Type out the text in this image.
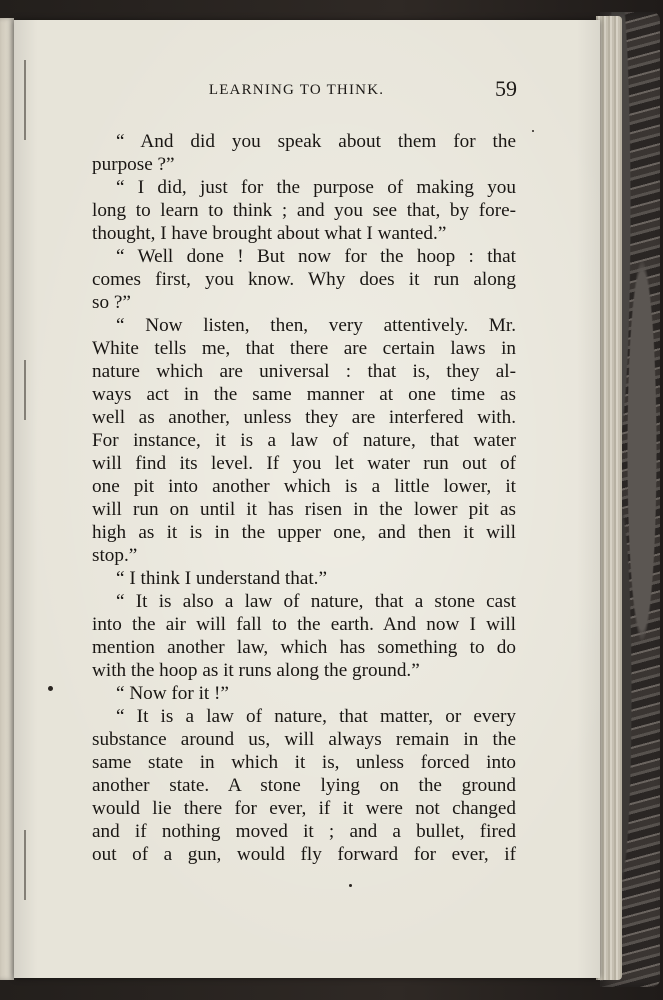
LEARNING TO THINK.	59
“ And did you speak about them for the
purpose ?”
“ I did, just for the purpose of making you
long to learn to think ; and you see that, by fore-
thought, I have brought about what I wanted.”
“ Well done ! But now for the hoop : that
comes first, you know. Why does it run along
so ?”
“ Now listen, then, very attentively. Mr.
White tells me, that there are certain laws in
nature which are universal : that is, they al-
ways act in the same manner at one time as
well as another, unless they are interfered with.
For instance, it is a law of nature, that water
will find its level. If you let water run out of
one pit into another which is a little lower, it
will run on until it has risen in the lower pit as
high as it is in the upper one, and then it will
stop.”
“ I think I understand that.”
“ It is also a law of nature, that a stone cast
into the air will fall to the earth. And now I will
mention another law, which has something to do
with the hoop as it runs along the ground.”
“ Now for it !”
“ It is a law of nature, that matter, or every
substance around us, will always remain in the
same state in which it is, unless forced into
another state. A stone lying on the ground
would lie there for ever, if it were not changed
and if nothing moved it ; and a bullet, fired
out of a gun, would fly forward for ever, if
